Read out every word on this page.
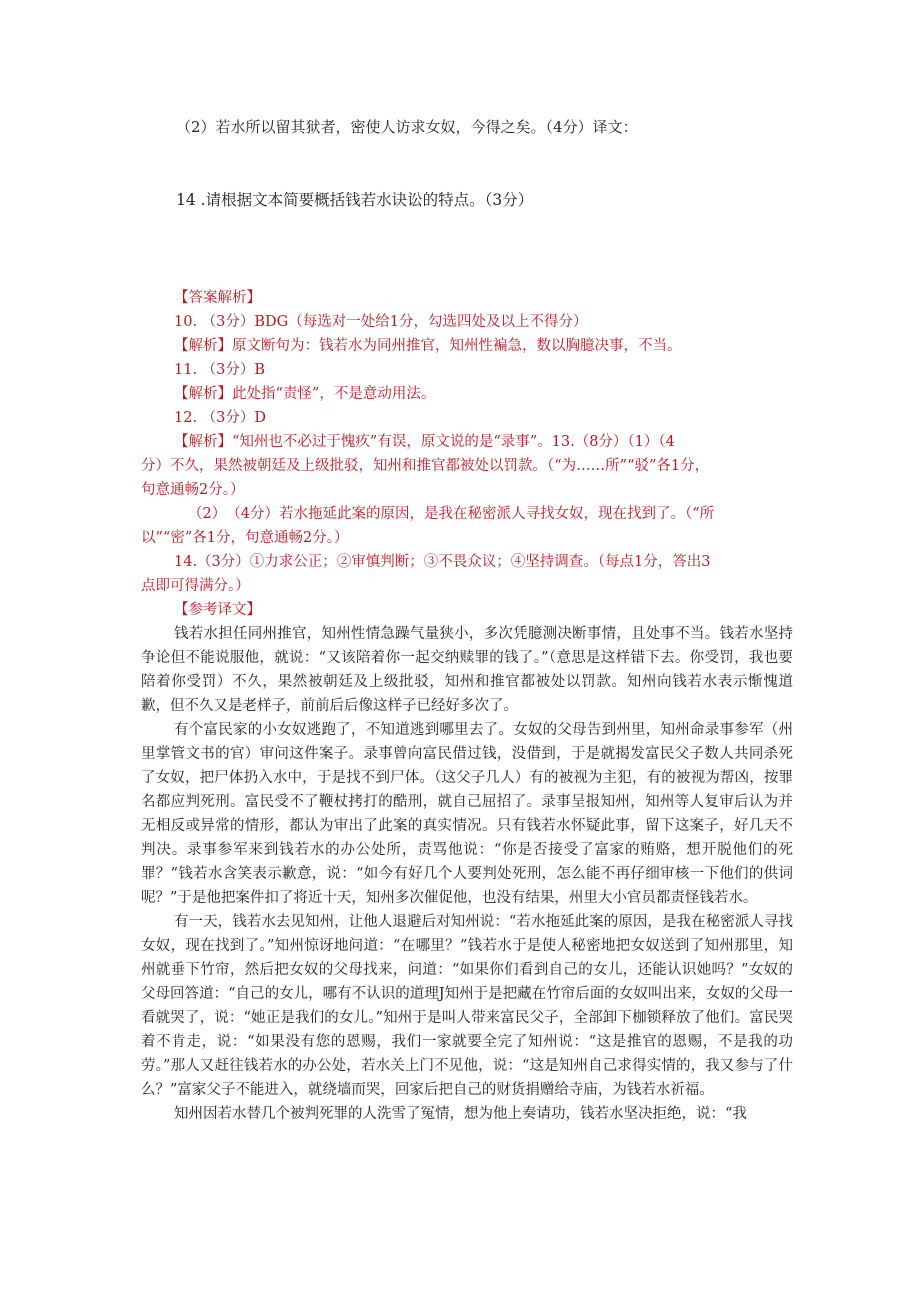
（2）若水所以留其狱者，密使人访求女奴，今得之矣。（4分）译文：
14 .请根据文本简要概括钱若水诀讼的特点。（3分）
【答案解析】
10. （3分）BDG（每选对一处给1分，勾选四处及以上不得分）
【解析】原文断句为：钱若水为同州推官，知州性褊急，数以胸臆决事，不当。
11. （3分）B
【解析】此处指“责怪”，不是意动用法。
12. （3分）D
【解析】“知州也不必过于愧疚”有误，原文说的是“录事”。13.（8分）（1）（4
分）不久，果然被朝廷及上级批驳，知州和推官都被处以罚款。（“为……所”“驳”各1分，
句意通畅2分。）
（2）　（4分）若水拖延此案的原因，是我在秘密派人寻找女奴，现在找到了。（“所
以”“密”各1分，句意通畅2分。）
14.（3分）①力求公正；②审慎判断；③不畏众议；④坚持调查。（每点1分，答出3
点即可得满分。）
【参考译文】

钱若水担任同州推官，知州性情急躁气量狭小，多次凭臆测决断事情，且处事不当。钱若水坚持争论但不能说服他，就说：“又该陪着你一起交纳赎罪的钱了。”（意思是这样错下去。你受罚，我也要陪着你受罚）不久，果然被朝廷及上级批驳，知州和推官都被处以罚款。知州向钱若水表示惭愧道歉，但不久又是老样子，前前后后像这样子已经好多次了。

有个富民家的小女奴逃跑了，不知道逃到哪里去了。女奴的父母告到州里，知州命录事参军（州里掌管文书的官）审问这件案子。录事曾向富民借过钱，没借到，于是就揭发富民父子数人共同杀死了女奴，把尸体扔入水中，于是找不到尸体。（这父子几人）有的被视为主犯，有的被视为帮凶，按罪名都应判死刑。富民受不了鞭杖拷打的酷刑，就自己屈招了。录事呈报知州，知州等人复审后认为并无相反或异常的情形，都认为审出了此案的真实情况。只有钱若水怀疑此事，留下这案子，好几天不判决。录事参军来到钱若水的办公处所，责骂他说：“你是否接受了富家的贿赂，想开脱他们的死罪？”钱若水含笑表示歉意，说：“如今有好几个人要判处死刑，怎么能不再仔细审核一下他们的供词呢？”于是他把案件扣了将近十天，知州多次催促他，也没有结果，州里大小官员都责怪钱若水。

有一天，钱若水去见知州，让他人退避后对知州说：“若水拖延此案的原因，是我在秘密派人寻找女奴，现在找到了。”知州惊讶地问道：“在哪里？”钱若水于是使人秘密地把女奴送到了知州那里，知州就垂下竹帘，然后把女奴的父母找来，问道：“如果你们看到自己的女儿，还能认识她吗？”女奴的父母回答道：“自己的女儿，哪有不认识的道理J知州于是把藏在竹帘后面的女奴叫出来，女奴的父母一看就哭了，说：“她正是我们的女儿。”知州于是叫人带来富民父子，全部卸下枷锁释放了他们。富民哭着不肯走，说：“如果没有您的恩赐，我们一家就要全完了知州说：“这是推官的恩赐，不是我的功劳。”那人又赶往钱若水的办公处，若水关上门不见他，说：“这是知州自己求得实情的，我又参与了什么？”富家父子不能进入，就绕墙而哭，回家后把自己的财货捐赠给寺庙，为钱若水祈福。

知州因若水替几个被判死罪的人洗雪了冤情，想为他上奏请功，钱若水坚决拒绝，说：“我
